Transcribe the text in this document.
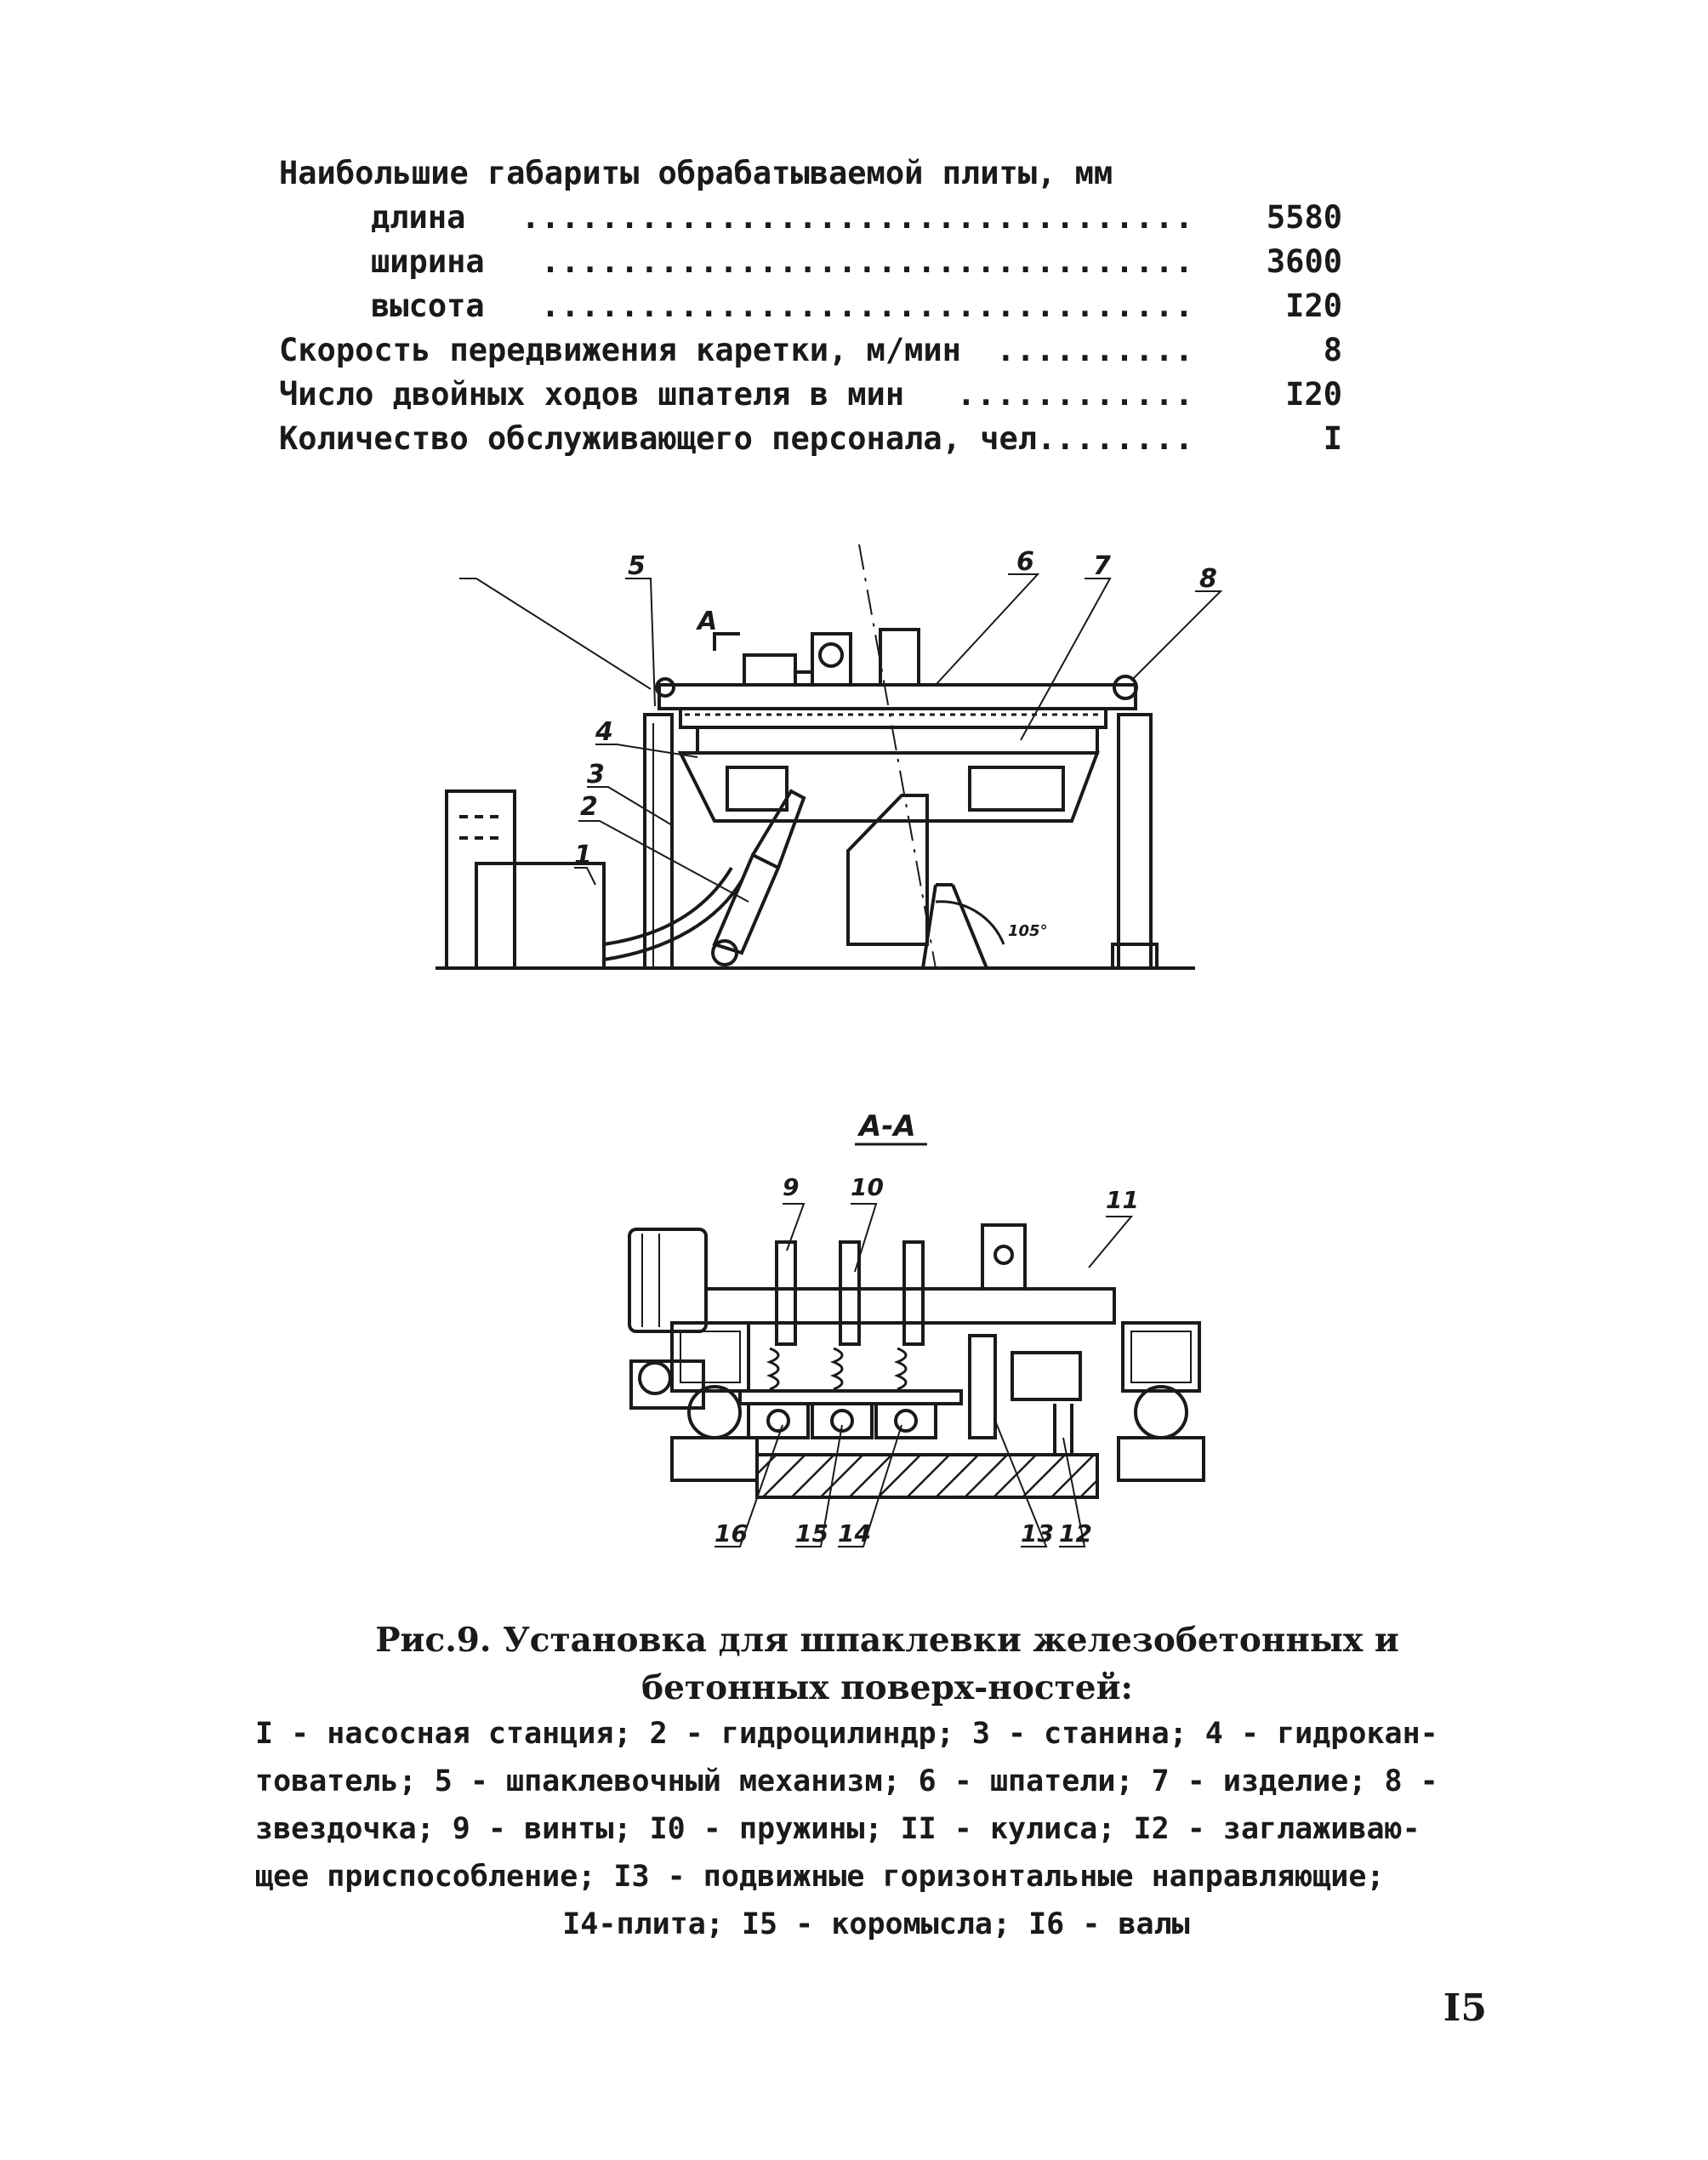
Наибольшие габариты обрабатываемой плиты, мм
длина ..................................	5580
ширина .................................	3600
высота .................................	I20
Скорость передвижения каретки, м/мин ..........	8
Число двойных ходов шпателя в мин ............	I20
Количество обслуживающего персонала, чел. .......	I
A
1
2
3
4
5	6 7	8
105°
A-A
9 10	11
12
13
14
15
16
Рис.9. Установка для шпаклевки железобетонных и бетонных поверх-ностей:
I - насосная станция; 2 - гидроцилиндр; 3 - станина; 4 - гидрокан-
тователь; 5 - шпаклевочный механизм; 6 - шпатели; 7 - изделие; 8 -
звездочка; 9 - винты; I0 - пружины; II - кулиса; I2 - заглаживаю-
щее приспособление; I3 - подвижные горизонтальные направляющие;
I4-плита; I5 - коромысла; I6 - валы
I5
